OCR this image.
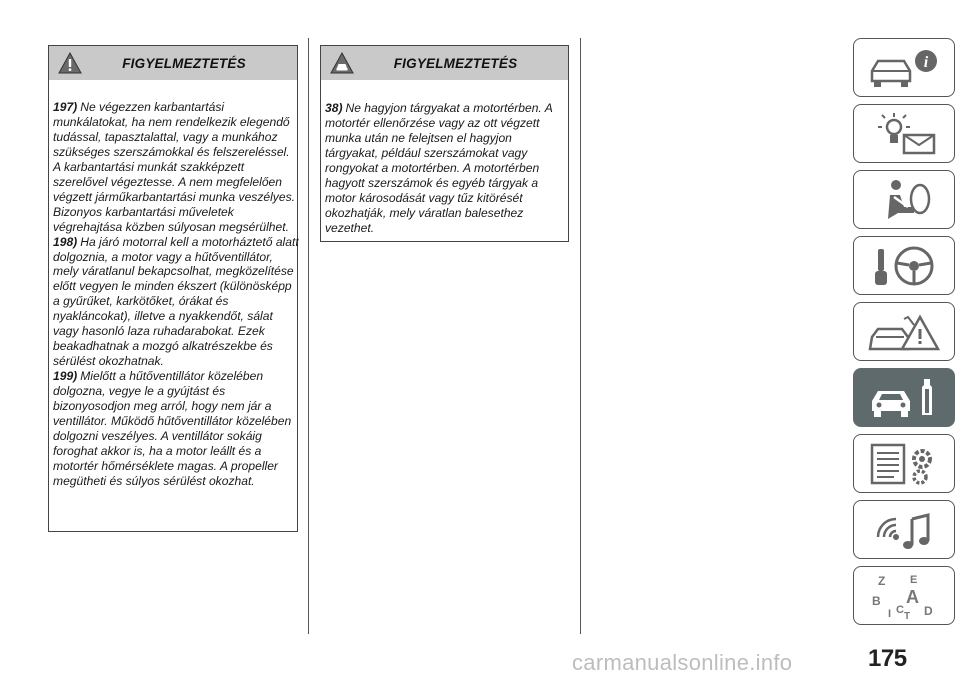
FIGYELMEZTETÉS

197) Ne végezzen karbantartási munkálatokat, ha nem rendelkezik elegendő tudással, tapasztalattal, vagy a munkához szükséges szerszámokkal és felszereléssel. A karbantartási munkát szakképzett szerelővel végeztesse. A nem megfelelően végzett járműkarbantartási munka veszélyes. Bizonyos karbantartási műveletek végrehajtása közben súlyosan megsérülhet.

198) Ha járó motorral kell a motorháztető alatt dolgoznia, a motor vagy a hűtőventillátor, mely váratlanul bekapcsolhat, megközelítése előtt vegyen le minden ékszert (különösképp a gyűrűket, karkötőket, órákat és nyakláncokat), illetve a nyakkendőt, sálat vagy hasonló laza ruhadarabokat. Ezek beakadhatnak a mozgó alkatrészekbe és sérülést okozhatnak.

199) Mielőtt a hűtőventillátor közelében dolgozna, vegye le a gyújtást és bizonyosodjon meg arról, hogy nem jár a ventillátor. Működő hűtőventillátor közelében dolgozni veszélyes. A ventillátor sokáig foroghat akkor is, ha a motor leállt és a motortér hőmérséklete magas. A propeller megütheti és súlyos sérülést okozhat.

FIGYELMEZTETÉS

38) Ne hagyjon tárgyakat a motortérben. A motortér ellenőrzése vagy az ott végzett munka után ne felejtsen el hagyjon tárgyakat, például szerszámokat vagy rongyokat a motortérben. A motortérben hagyott szerszámok és egyéb tárgyak a motor károsodását vagy tűz kitörését okozhatják, mely váratlan balesethez vezethet.

i
Z E
B A
I C
T D
175
carmanualsonline.info
